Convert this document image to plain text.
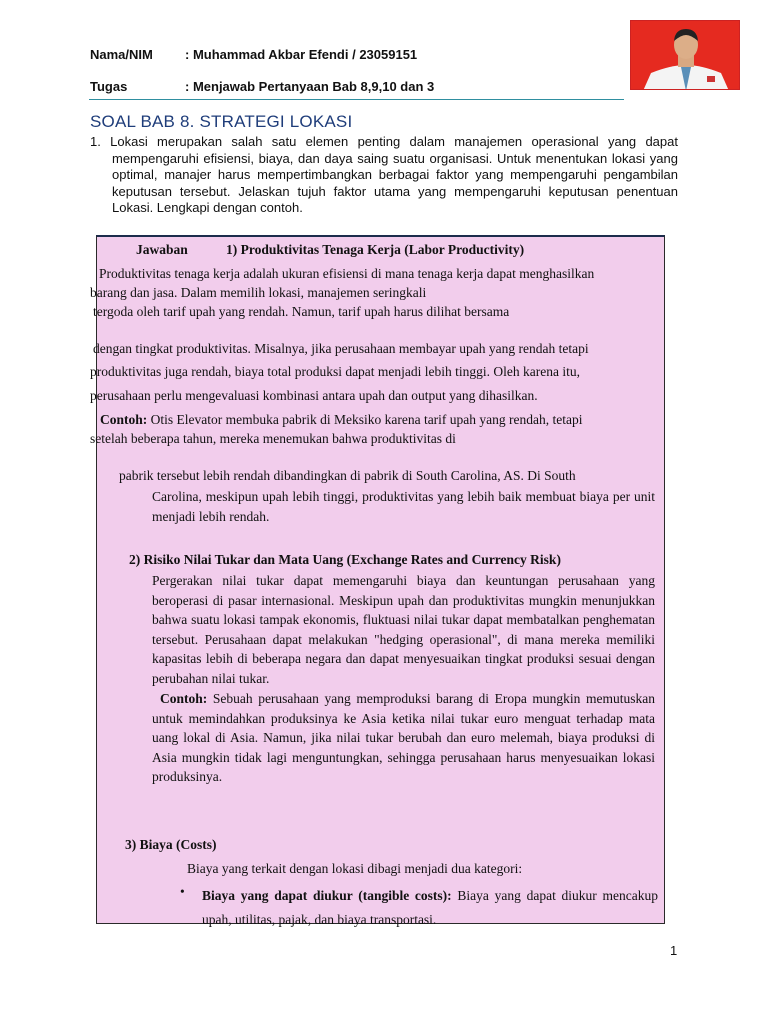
Nama/NIM : Muhammad Akbar Efendi / 23059151
Tugas	: Menjawab Pertanyaan Bab 8,9,10 dan 3
SOAL BAB 8. STRATEGI LOKASI
1. Lokasi merupakan salah satu elemen penting dalam manajemen operasional yang dapat mempengaruhi efisiensi, biaya, dan daya saing suatu organisasi. Untuk menentukan lokasi yang optimal, manajer harus mempertimbangkan berbagai faktor yang mempengaruhi pengambilan keputusan tersebut. Jelaskan tujuh faktor utama yang mempengaruhi keputusan penentuan Lokasi. Lengkapi dengan contoh.
Jawaban	1) Produktivitas Tenaga Kerja (Labor Productivity)
Produktivitas tenaga kerja adalah ukuran efisiensi di mana tenaga kerja dapat menghasilkan
barang dan jasa. Dalam memilih lokasi, manajemen seringkali
tergoda oleh tarif upah yang rendah. Namun, tarif upah harus dilihat bersama
dengan tingkat produktivitas. Misalnya, jika perusahaan membayar upah yang rendah tetapi
produktivitas juga rendah, biaya total produksi dapat menjadi lebih tinggi. Oleh karena itu,
perusahaan perlu mengevaluasi kombinasi antara upah dan output yang dihasilkan.
Contoh: Otis Elevator membuka pabrik di Meksiko karena tarif upah yang rendah, tetapi
setelah beberapa tahun, mereka menemukan bahwa produktivitas di
pabrik tersebut lebih rendah dibandingkan di pabrik di South Carolina, AS. Di South
Carolina, meskipun upah lebih tinggi, produktivitas yang lebih baik membuat biaya per unit menjadi lebih rendah.
2) Risiko Nilai Tukar dan Mata Uang (Exchange Rates and Currency Risk)
Pergerakan nilai tukar dapat memengaruhi biaya dan keuntungan perusahaan yang beroperasi di pasar internasional. Meskipun upah dan produktivitas mungkin menunjukkan bahwa suatu lokasi tampak ekonomis, fluktuasi nilai tukar dapat membatalkan penghematan tersebut. Perusahaan dapat melakukan "hedging operasional", di mana mereka memiliki kapasitas lebih di beberapa negara dan dapat menyesuaikan tingkat produksi sesuai dengan perubahan nilai tukar.
Contoh: Sebuah perusahaan yang memproduksi barang di Eropa mungkin memutuskan untuk memindahkan produksinya ke Asia ketika nilai tukar euro menguat terhadap mata uang lokal di Asia. Namun, jika nilai tukar berubah dan euro melemah, biaya produksi di Asia mungkin tidak lagi menguntungkan, sehingga perusahaan harus menyesuaikan lokasi produksinya.
3) Biaya (Costs)
Biaya yang terkait dengan lokasi dibagi menjadi dua kategori:
• Biaya yang dapat diukur (tangible costs): Biaya yang dapat diukur mencakup upah, utilitas, pajak, dan biaya transportasi.
1
